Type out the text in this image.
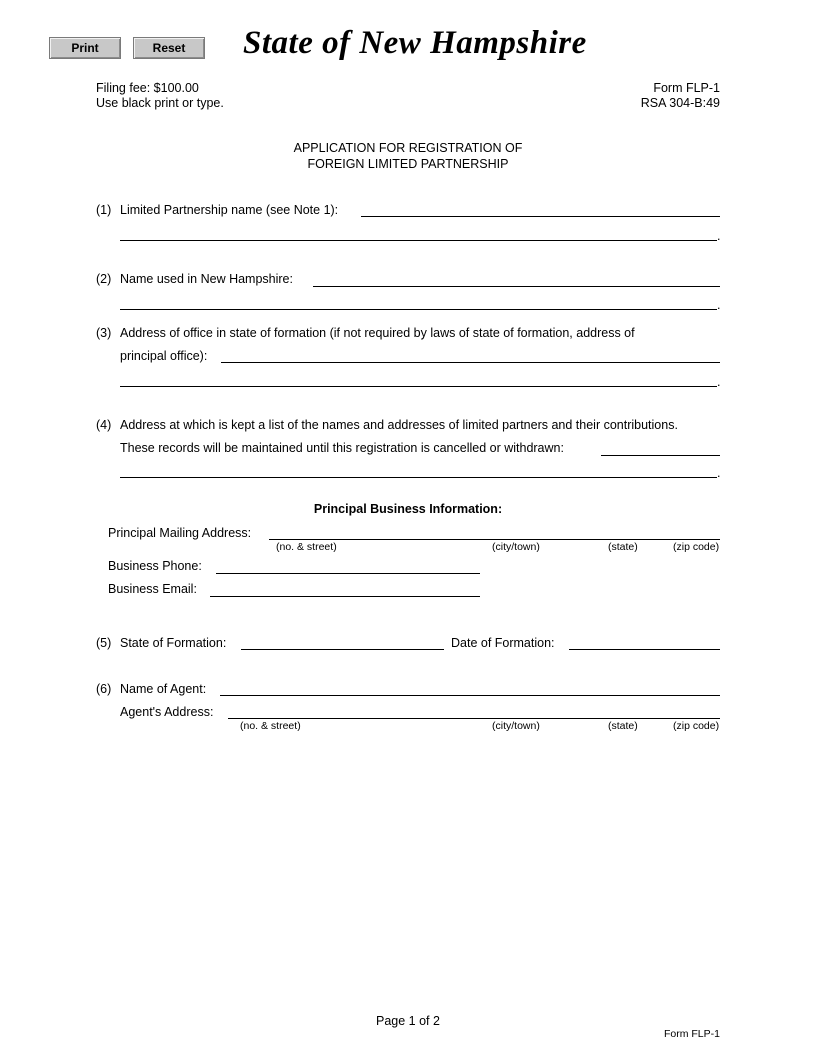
Print	Reset	State of New Hampshire
Filing fee: $100.00
Use black print or type.
Form FLP-1
RSA 304-B:49
APPLICATION FOR REGISTRATION OF
FOREIGN LIMITED PARTNERSHIP
(1) Limited Partnership name (see Note 1):
.
(2) Name used in New Hampshire:
.
(3) Address of office in state of formation (if not required by laws of state of formation, address of
principal office):
.
(4) Address at which is kept a list of the names and addresses of limited partners and their contributions.
These records will be maintained until this registration is cancelled or withdrawn:
.
Principal Business Information:
Principal Mailing Address:
(no. & street)	(city/town)	(state)	(zip code)
Business Phone:
Business Email:
(5) State of Formation:	Date of Formation:
(6) Name of Agent:
Agent's Address:
(no. & street)	(city/town)	(state)	(zip code)
Page 1 of 2
Form FLP-1
